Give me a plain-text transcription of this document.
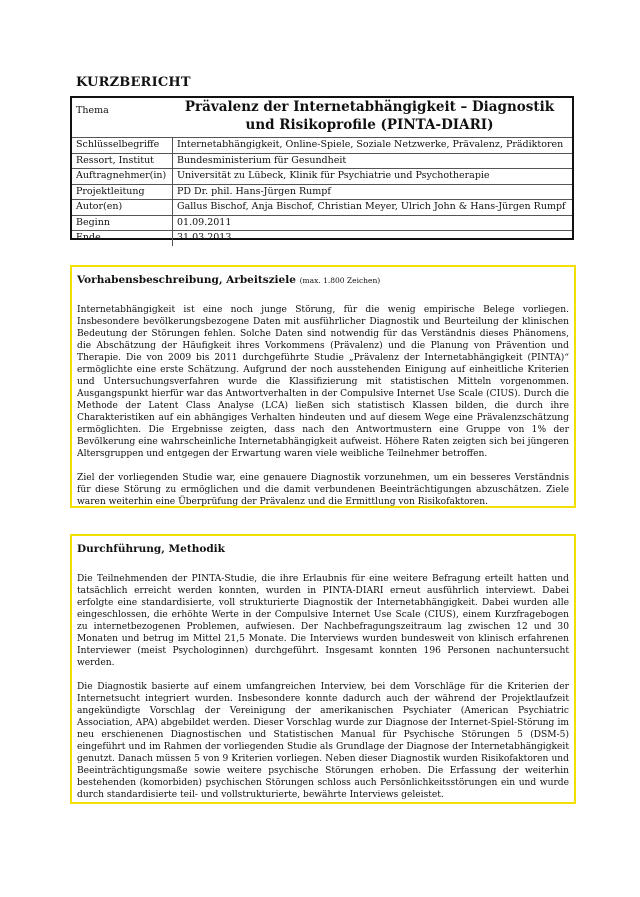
KURZBERICHT
Thema	Prävalenz der Internetabhängigkeit – Diagnostik
und Risikoprofile (PINTA-DIARI)
Schlüsselbegriffe	Internetabhängigkeit, Online-Spiele, Soziale Netzwerke, Prävalenz, Prädiktoren
Ressort, Institut	Bundesministerium für Gesundheit
Auftragnehmer(in)	Universität zu Lübeck, Klinik für Psychiatrie und Psychotherapie
Projektleitung	PD Dr. phil. Hans-Jürgen Rumpf
Autor(en)	Gallus Bischof, Anja Bischof, Christian Meyer, Ulrich John & Hans-Jürgen Rumpf
Beginn	01.09.2011
Ende	31.03.2013
Vorhabensbeschreibung, Arbeitsziele (max. 1.800 Zeichen)

Internetabhängigkeit ist eine noch junge Störung, für die wenig empirische Belege vorliegen. Insbesondere bevölkerungsbezogene Daten mit ausführlicher Diagnostik und Beurteilung der klinischen Bedeutung der Störungen fehlen. Solche Daten sind notwendig für das Verständnis dieses Phänomens, die Abschätzung der Häufigkeit ihres Vorkommens (Prävalenz) und die Planung von Prävention und Therapie. Die von 2009 bis 2011 durchgeführte Studie „Prävalenz der Internetabhängigkeit (PINTA)“ ermöglichte eine erste Schätzung. Aufgrund der noch ausstehenden Einigung auf einheitliche Kriterien und Untersuchungsverfahren wurde die Klassifizierung mit statistischen Mitteln vorgenommen. Ausgangspunkt hierfür war das Antwortverhalten in der Compulsive Internet Use Scale (CIUS). Durch die Methode der Latent Class Analyse (LCA) ließen sich statistisch Klassen bilden, die durch ihre Charakteristiken auf ein abhängiges Verhalten hindeuten und auf diesem Wege eine Prävalenzschätzung ermöglichten. Die Ergebnisse zeigten, dass nach den Antwortmustern eine Gruppe von 1% der Bevölkerung eine wahrscheinliche Internetabhängigkeit aufweist. Höhere Raten zeigten sich bei jüngeren Altersgruppen und entgegen der Erwartung waren viele weibliche Teilnehmer betroffen.

Ziel der vorliegenden Studie war, eine genauere Diagnostik vorzunehmen, um ein besseres Verständnis für diese Störung zu ermöglichen und die damit verbundenen Beeinträchtigungen abzuschätzen. Ziele waren weiterhin eine Überprüfung der Prävalenz und die Ermittlung von Risikofaktoren.

Durchführung, Methodik

Die Teilnehmenden der PINTA-Studie, die ihre Erlaubnis für eine weitere Befragung erteilt hatten und tatsächlich erreicht werden konnten, wurden in PINTA-DIARI erneut ausführlich interviewt. Dabei erfolgte eine standardisierte, voll strukturierte Diagnostik der Internetabhängigkeit. Dabei wurden alle eingeschlossen, die erhöhte Werte in der Compulsive Internet Use Scale (CIUS), einem Kurzfragebogen zu internetbezogenen Problemen, aufwiesen. Der Nachbefragungszeitraum lag zwischen 12 und 30 Monaten und betrug im Mittel 21,5 Monate. Die Interviews wurden bundesweit von klinisch erfahrenen Interviewer (meist Psychologinnen) durchgeführt. Insgesamt konnten 196 Personen nachuntersucht werden.

Die Diagnostik basierte auf einem umfangreichen Interview, bei dem Vorschläge für die Kriterien der Internetsucht integriert wurden. Insbesondere konnte dadurch auch der während der Projektlaufzeit angekündigte Vorschlag der Vereinigung der amerikanischen Psychiater (American Psychiatric Association, APA) abgebildet werden. Dieser Vorschlag wurde zur Diagnose der Internet-Spiel-Störung im neu erschienenen Diagnostischen und Statistischen Manual für Psychische Störungen 5 (DSM-5) eingeführt und im Rahmen der vorliegenden Studie als Grundlage der Diagnose der Internetabhängigkeit genutzt. Danach müssen 5 von 9 Kriterien vorliegen. Neben dieser Diagnostik wurden Risikofaktoren und Beeinträchtigungsmaße sowie weitere psychische Störungen erhoben. Die Erfassung der weiterhin bestehenden (komorbiden) psychischen Störungen schloss auch Persönlichkeitsstörungen ein und wurde durch standardisierte teil- und vollstrukturierte, bewährte Interviews geleistet.
